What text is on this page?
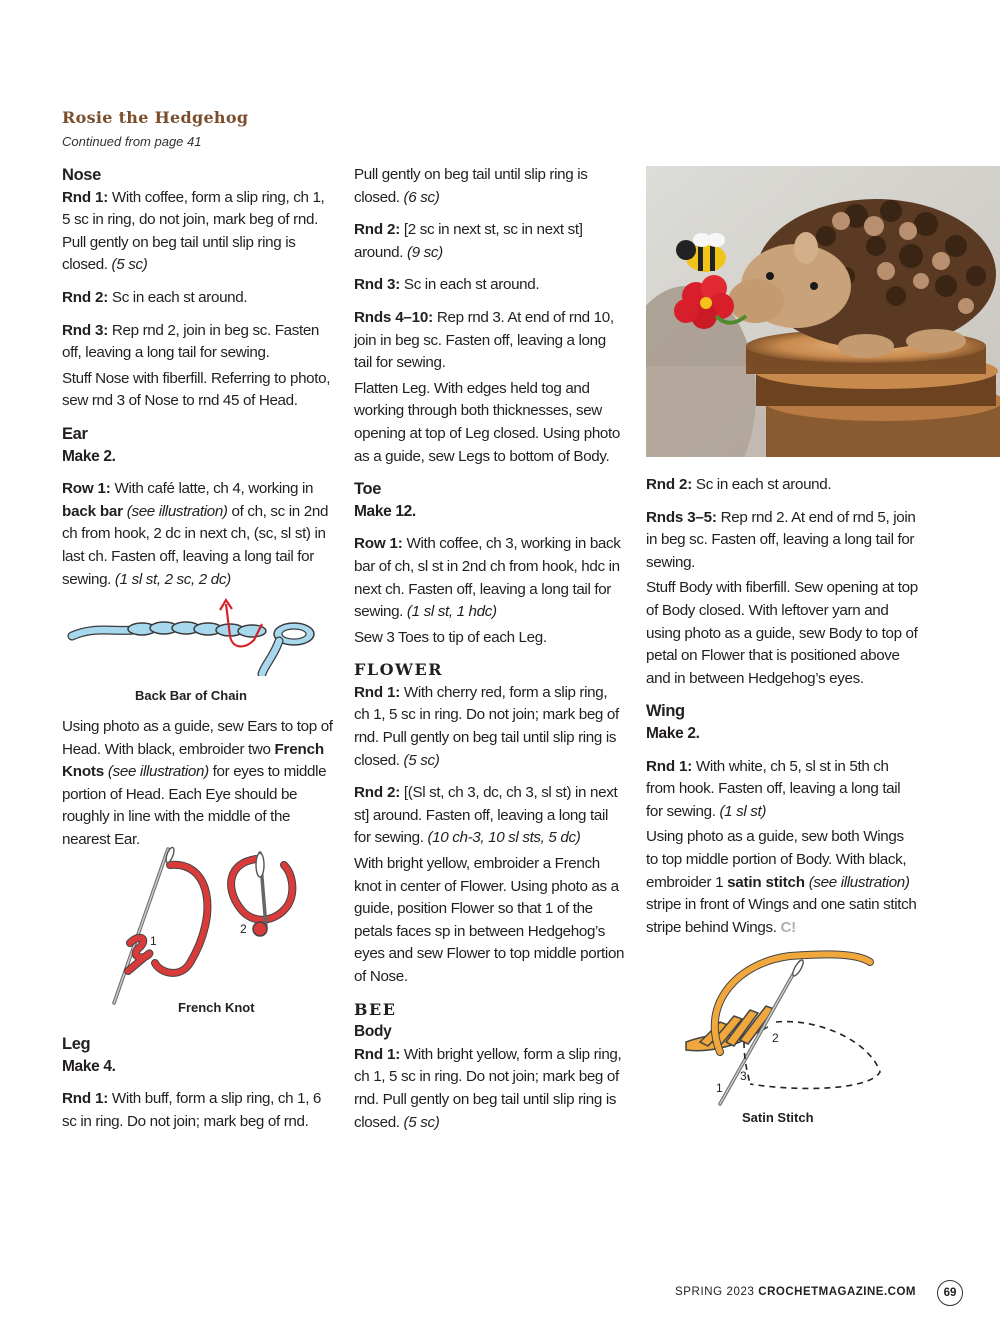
Rosie the Hedgehog
Continued from page 41
Nose

Rnd 1: With coffee, form a slip ring, ch 1, 5 sc in ring, do not join, mark beg of rnd. Pull gently on beg tail until slip ring is closed. (5 sc)

Rnd 2: Sc in each st around.

Rnd 3: Rep rnd 2, join in beg sc. Fasten off, leaving a long tail for sewing.

Stuff Nose with fiberfill. Referring to photo, sew rnd 3 of Nose to rnd 45 of Head.

Ear
Make 2.

Row 1: With café latte, ch 4, working in back bar (see illustration) of ch, sc in 2nd ch from hook, 2 dc in next ch, (sc, sl st) in last ch. Fasten off, leaving a long tail for sewing. (1 sl st, 2 sc, 2 dc)

Back Bar of Chain

Using photo as a guide, sew Ears to top of Head. With black, embroider two French Knots (see illustration) for eyes to middle portion of Head. Each Eye should be roughly in line with the middle of the nearest Ear.

1
2
French Knot
Leg
Make 4.

Rnd 1: With buff, form a slip ring, ch 1, 6 sc in ring. Do not join; mark beg of rnd.

Pull gently on beg tail until slip ring is closed. (6 sc)

Rnd 2: [2 sc in next st, sc in next st] around. (9 sc)

Rnd 3: Sc in each st around.

Rnds 4–10: Rep rnd 3. At end of rnd 10, join in beg sc. Fasten off, leaving a long tail for sewing.

Flatten Leg. With edges held tog and working through both thicknesses, sew opening at top of Leg closed. Using photo as a guide, sew Legs to bottom of Body.

Toe
Make 12.

Row 1: With coffee, ch 3, working in back bar of ch, sl st in 2nd ch from hook, hdc in next ch. Fasten off, leaving a long tail for sewing. (1 sl st, 1 hdc)

Sew 3 Toes to tip of each Leg.

FLOWER

Rnd 1: With cherry red, form a slip ring, ch 1, 5 sc in ring. Do not join; mark beg of rnd. Pull gently on beg tail until slip ring is closed. (5 sc)

Rnd 2: [(Sl st, ch 3, dc, ch 3, sl st) in next st] around. Fasten off, leaving a long tail for sewing. (10 ch-3, 10 sl sts, 5 dc)

With bright yellow, embroider a French knot in center of Flower. Using photo as a guide, position Flower so that 1 of the petals faces sp in between Hedgehog’s eyes and sew Flower to top middle portion of Nose.

BEE
Body

Rnd 1: With bright yellow, form a slip ring, ch 1, 5 sc in ring. Do not join; mark beg of rnd. Pull gently on beg tail until slip ring is closed. (5 sc)

Rnd 2: Sc in each st around.

Rnds 3–5: Rep rnd 2. At end of rnd 5, join in beg sc. Fasten off, leaving a long tail for sewing.

Stuff Body with fiberfill. Sew opening at top of Body closed. With leftover yarn and using photo as a guide, sew Body to top of petal on Flower that is positioned above and in between Hedgehog’s eyes.

Wing
Make 2.

Rnd 1: With white, ch 5, sl st in 5th ch from hook. Fasten off, leaving a long tail for sewing. (1 sl st)

Using photo as a guide, sew both Wings to top middle portion of Body. With black, embroider 1 satin stitch (see illustration) stripe in front of Wings and one satin stitch stripe behind Wings. C!

2
1
3
Satin Stitch
SPRING 2023 CROCHETMAGAZINE.COM	69
